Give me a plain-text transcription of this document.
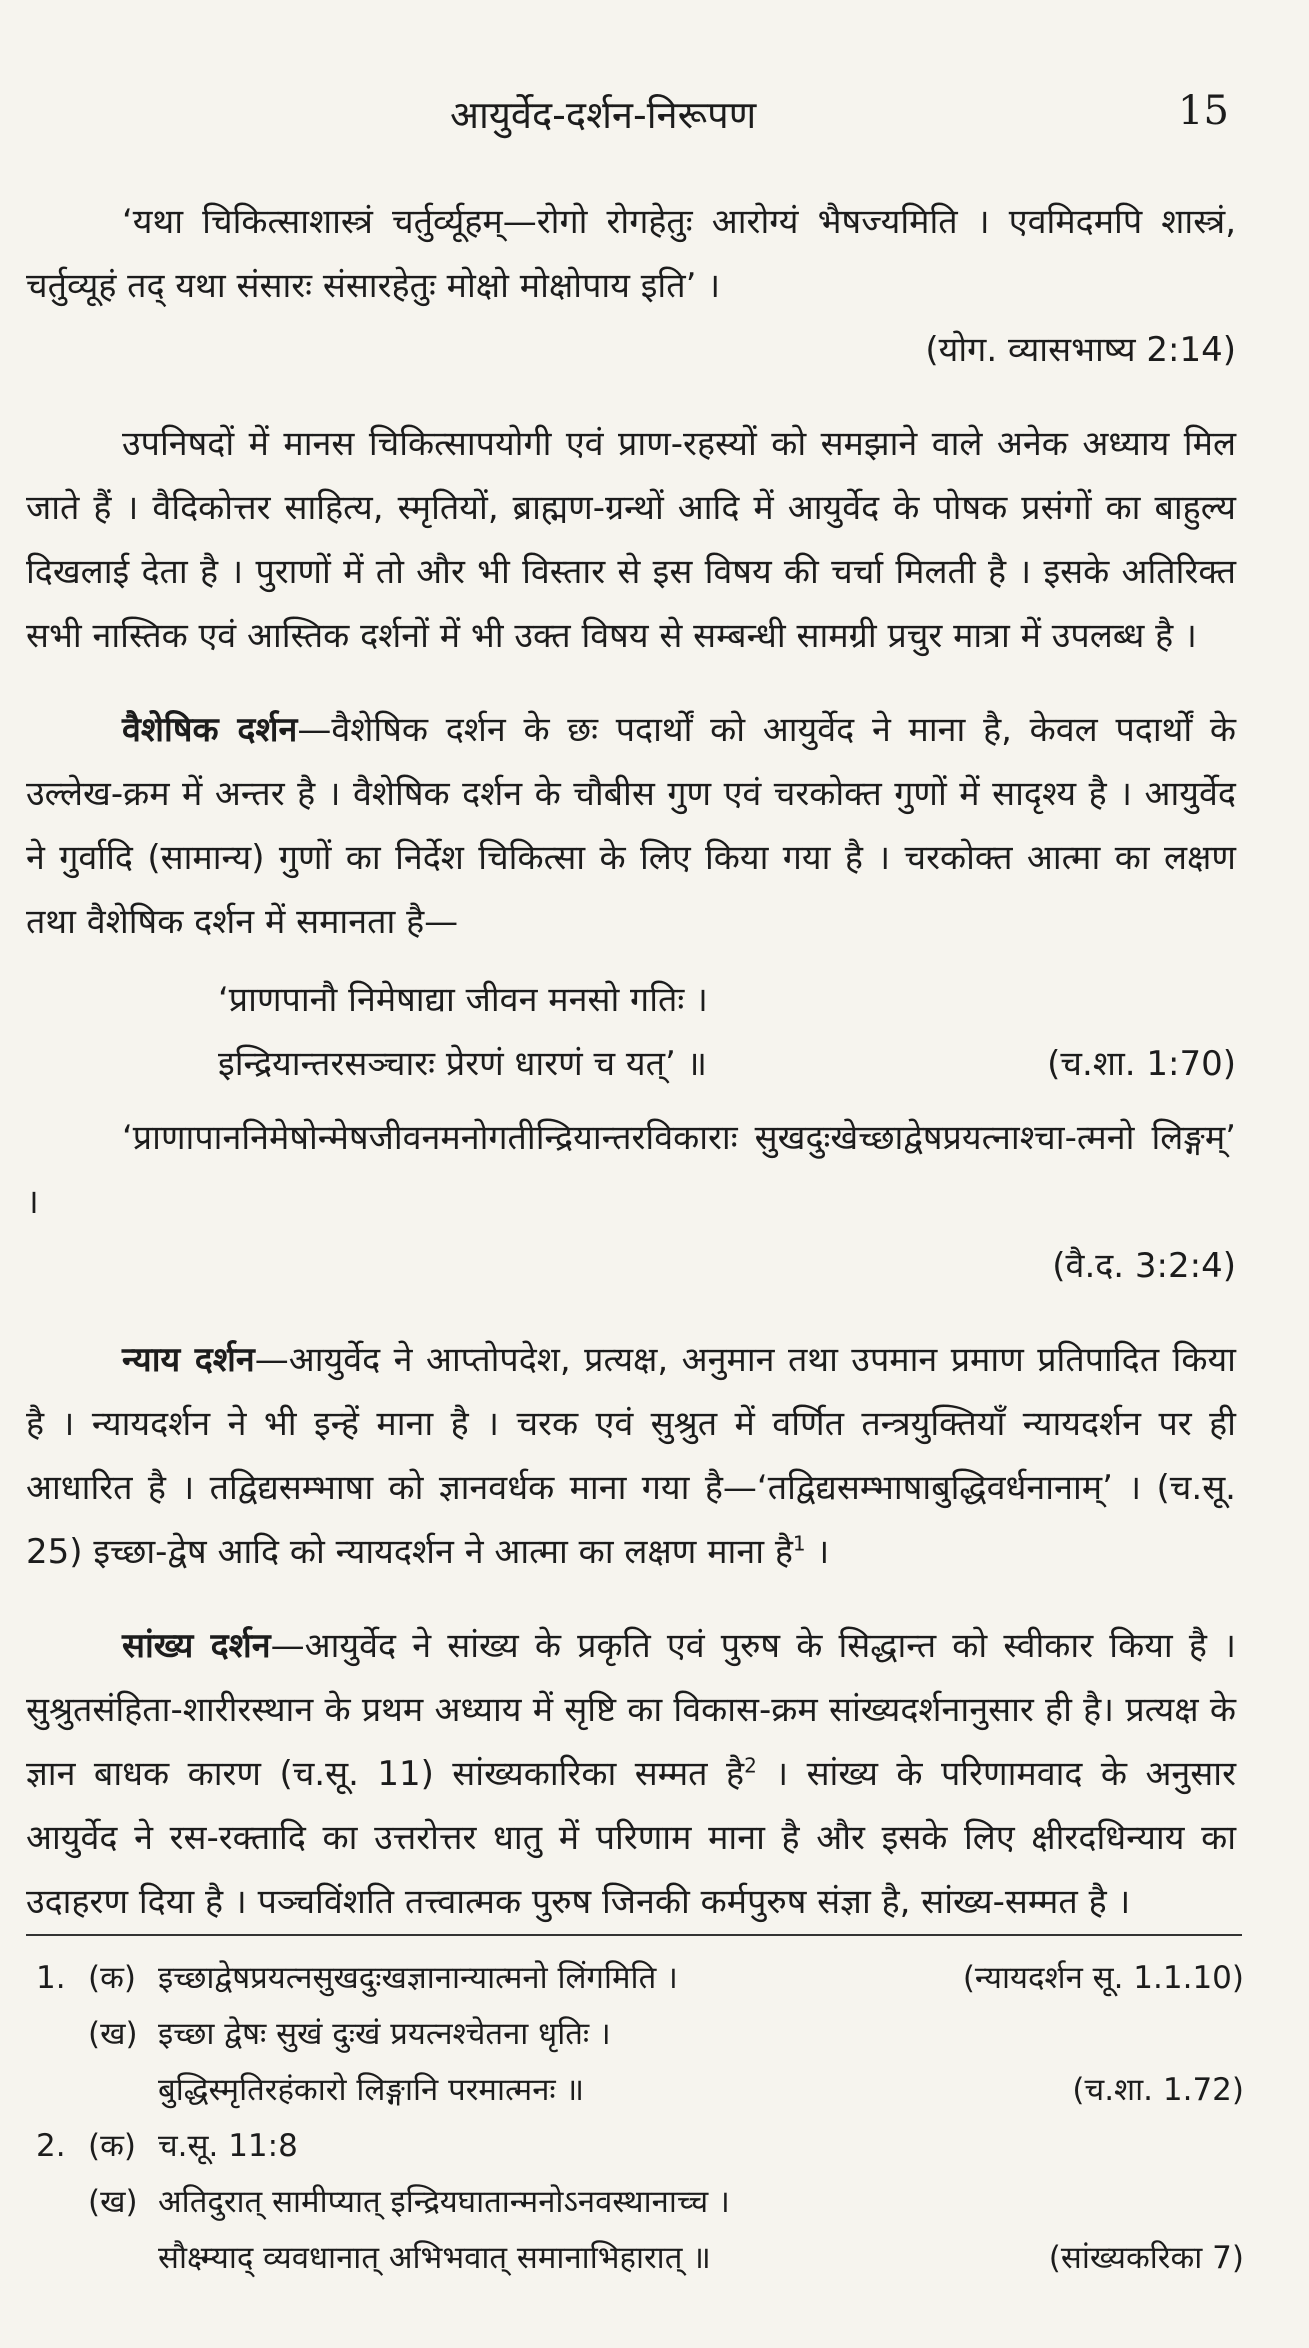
आयुर्वेद-दर्शन-निरूपण	15

‘यथा चिकित्साशास्त्रं चर्तुर्व्यूहम्—रोगो रोगहेतुः आरोग्यं भैषज्यमिति । एवमिदमपि शास्त्रं, चर्तुव्यूहं तद् यथा संसारः संसारहेतुः मोक्षो मोक्षोपाय इति’ ।

(योग. व्यासभाष्य 2:14)

उपनिषदों में मानस चिकित्सापयोगी एवं प्राण-रहस्यों को समझाने वाले अनेक अध्याय मिल जाते हैं । वैदिकोत्तर साहित्य, स्मृतियों, ब्राह्मण-ग्रन्थों आदि में आयुर्वेद के पोषक प्रसंगों का बाहुल्य दिखलाई देता है । पुराणों में तो और भी विस्तार से इस विषय की चर्चा मिलती है । इसके अतिरिक्त सभी नास्तिक एवं आस्तिक दर्शनों में भी उक्त विषय से सम्बन्धी सामग्री प्रचुर मात्रा में उपलब्ध है ।

वैशेषिक दर्शन—वैशेषिक दर्शन के छः पदार्थों को आयुर्वेद ने माना है, केवल पदार्थों के उल्लेख-क्रम में अन्तर है । वैशेषिक दर्शन के चौबीस गुण एवं चरकोक्त गुणों में सादृश्य है । आयुर्वेद ने गुर्वादि (सामान्य) गुणों का निर्देश चिकित्सा के लिए किया गया है । चरकोक्त आत्मा का लक्षण तथा वैशेषिक दर्शन में समानता है—

‘प्राणपानौ निमेषाद्या जीवन मनसो गतिः ।
इन्द्रियान्तरसञ्चारः प्रेरणं धारणं च यत्’ ॥	(च.शा. 1:70)

‘प्राणापाननिमेषोन्मेषजीवनमनोगतीन्द्रियान्तरविकाराः सुखदुःखेच्छाद्वेषप्रयत्नाश्चा-त्मनो लिङ्गम्’ ।

(वै.द. 3:2:4)

न्याय दर्शन—आयुर्वेद ने आप्तोपदेश, प्रत्यक्ष, अनुमान तथा उपमान प्रमाण प्रतिपादित किया है । न्यायदर्शन ने भी इन्हें माना है । चरक एवं सुश्रुत में वर्णित तन्त्रयुक्तियाँ न्यायदर्शन पर ही आधारित है । तद्विद्यसम्भाषा को ज्ञानवर्धक माना गया है—‘तद्विद्यसम्भाषाबुद्धिवर्धनानाम्’ । (च.सू. 25) इच्छा-द्वेष आदि को न्यायदर्शन ने आत्मा का लक्षण माना है$^1$ ।

सांख्य दर्शन—आयुर्वेद ने सांख्य के प्रकृति एवं पुरुष के सिद्धान्त को स्वीकार किया है । सुश्रुतसंहिता-शारीरस्थान के प्रथम अध्याय में सृष्टि का विकास-क्रम सांख्यदर्शनानुसार ही है। प्रत्यक्ष के ज्ञान बाधक कारण (च.सू. 11) सांख्यकारिका सम्मत है$^2$ । सांख्य के परिणामवाद के अनुसार आयुर्वेद ने रस-रक्तादि का उत्तरोत्तर धातु में परिणाम माना है और इसके लिए क्षीरदधिन्याय का उदाहरण दिया है । पञ्चविंशति तत्त्वात्मक पुरुष जिनकी कर्मपुरुष संज्ञा है, सांख्य-सम्मत है ।

1. (क) इच्छाद्वेषप्रयत्नसुखदुःखज्ञानान्यात्मनो लिंगमिति ।	(न्यायदर्शन सू. 1.1.10)
(ख) इच्छा द्वेषः सुखं दुःखं प्रयत्नश्चेतना धृतिः ।
बुद्धिस्मृतिरहंकारो लिङ्गानि परमात्मनः ॥	(च.शा. 1.72)
2. (क) च.सू. 11:8
(ख) अतिदुरात् सामीप्यात् इन्द्रियघातान्मनोऽनवस्थानाच्च ।
सौक्ष्म्याद् व्यवधानात् अभिभवात् समानाभिहारात् ॥	(सांख्यकरिका 7)
